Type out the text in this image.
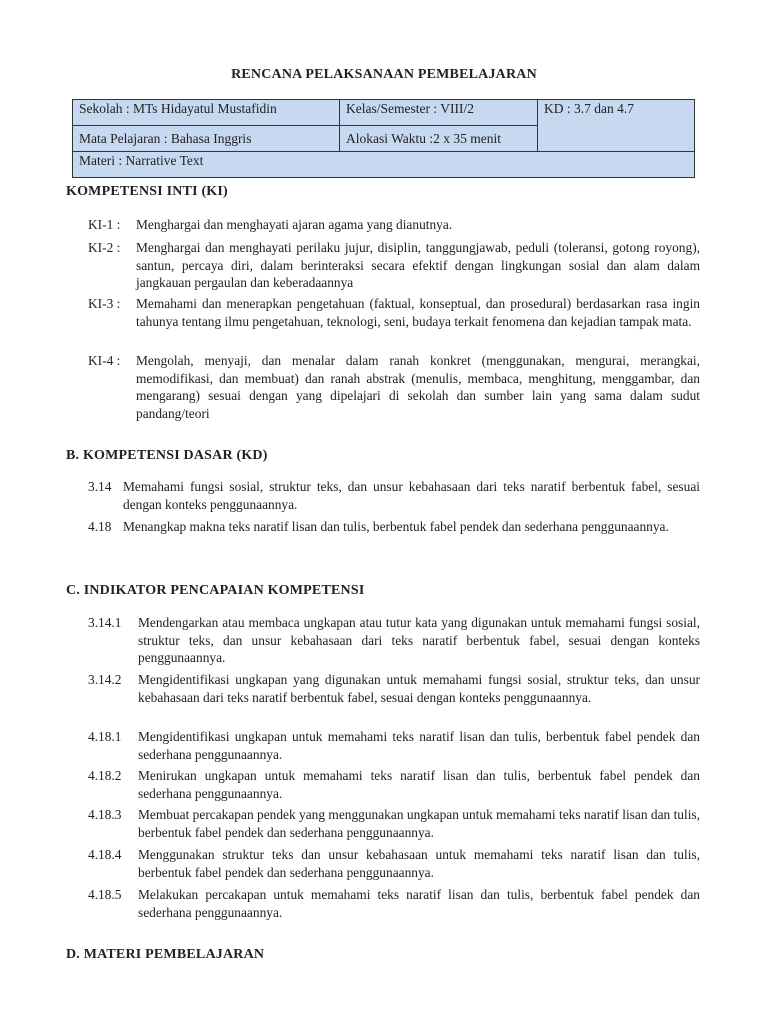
RENCANA PELAKSANAAN PEMBELAJARAN
Sekolah : MTs Hidayatul Mustafidin	Kelas/Semester : VIII/2	KD : 3.7 dan 4.7

Mata Pelajaran : Bahasa Inggris	Alokasi Waktu :2 x 35 menit	

Materi : Narrative Text		
KOMPETENSI INTI (KI)
KI-1 : Menghargai dan menghayati ajaran agama yang dianutnya.
KI-2 : Menghargai dan menghayati perilaku jujur, disiplin, tanggungjawab, peduli (toleransi, gotong royong), santun, percaya diri, dalam berinteraksi secara efektif dengan lingkungan sosial dan alam dalam jangkauan pergaulan dan keberadaannya
KI-3 : Memahami dan menerapkan pengetahuan (faktual, konseptual, dan prosedural) berdasarkan rasa ingin tahunya tentang ilmu pengetahuan, teknologi, seni, budaya terkait fenomena dan kejadian tampak mata.
KI-4 : Mengolah, menyaji, dan menalar dalam ranah konkret (menggunakan, mengurai, merangkai, memodifikasi, dan membuat) dan ranah abstrak (menulis, membaca, menghitung, menggambar, dan mengarang) sesuai dengan yang dipelajari di sekolah dan sumber lain yang sama dalam sudut pandang/teori
B. KOMPETENSI DASAR (KD)
3.14 Memahami fungsi sosial, struktur teks, dan unsur kebahasaan dari teks naratif berbentuk fabel, sesuai dengan konteks penggunaannya.
4.18 Menangkap makna teks naratif lisan dan tulis, berbentuk fabel pendek dan sederhana penggunaannya.
C. INDIKATOR PENCAPAIAN KOMPETENSI
3.14.1 Mendengarkan atau membaca ungkapan atau tutur kata yang digunakan untuk memahami fungsi sosial, struktur teks, dan unsur kebahasaan dari teks naratif berbentuk fabel, sesuai dengan konteks penggunaannya.
3.14.2 Mengidentifikasi ungkapan yang digunakan untuk memahami fungsi sosial, struktur teks, dan unsur kebahasaan dari teks naratif berbentuk fabel, sesuai dengan konteks penggunaannya.
4.18.1 Mengidentifikasi ungkapan untuk memahami teks naratif lisan dan tulis, berbentuk fabel pendek dan sederhana penggunaannya.
4.18.2 Menirukan ungkapan untuk memahami teks naratif lisan dan tulis, berbentuk fabel pendek dan sederhana penggunaannya.
4.18.3 Membuat percakapan pendek yang menggunakan ungkapan untuk memahami teks naratif lisan dan tulis, berbentuk fabel pendek dan sederhana penggunaannya.
4.18.4 Menggunakan struktur teks dan unsur kebahasaan untuk memahami teks naratif lisan dan tulis, berbentuk fabel pendek dan sederhana penggunaannya.
4.18.5 Melakukan percakapan untuk memahami teks naratif lisan dan tulis, berbentuk fabel pendek dan sederhana penggunaannya.
D. MATERI PEMBELAJARAN
